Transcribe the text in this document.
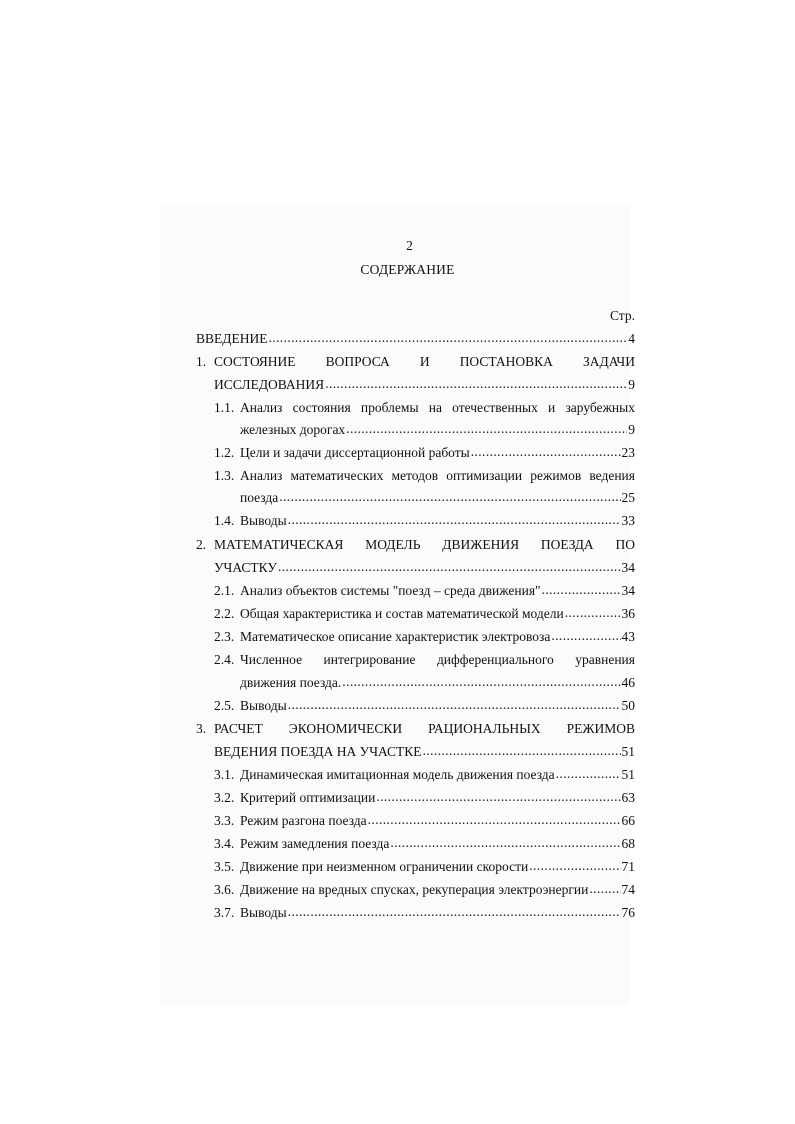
2
СОДЕРЖАНИЕ
Стр.
ВВЕДЕНИЕ .....	4
1. СОСТОЯНИЕ ВОПРОСА И ПОСТАНОВКА ЗАДАЧИ
ИССЛЕДОВАНИЯ .....	9
1.1. Анализ состояния проблемы на отечественных и зарубежных
железных дорогах .....	9
1.2. Цели и задачи диссертационной работы .....	23
1.3. Анализ математических методов оптимизации режимов ведения
поезда .....	25
1.4. Выводы .....	33
2. МАТЕМАТИЧЕСКАЯ МОДЕЛЬ ДВИЖЕНИЯ ПОЕЗДА ПО
УЧАСТКУ .....	34
2.1. Анализ объектов системы "поезд – среда движения" .....	34
2.2. Общая характеристика и состав математической модели .....	36
2.3. Математическое описание характеристик электровоза .....	43
2.4. Численное интегрирование дифференциального уравнения
движения поезда. .....	46
2.5. Выводы .....	50
3. РАСЧЕТ ЭКОНОМИЧЕСКИ РАЦИОНАЛЬНЫХ РЕЖИМОВ
ВЕДЕНИЯ ПОЕЗДА НА УЧАСТКЕ .....	51
3.1. Динамическая имитационная модель движения поезда .....	51
3.2. Критерий оптимизации .....	63
3.3. Режим разгона поезда .....	66
3.4. Режим замедления поезда .....	68
3.5. Движение при неизменном ограничении скорости .....	71
3.6. Движение на вредных спусках, рекуперация электроэнергии ..... 74
3.7. Выводы .....	76
